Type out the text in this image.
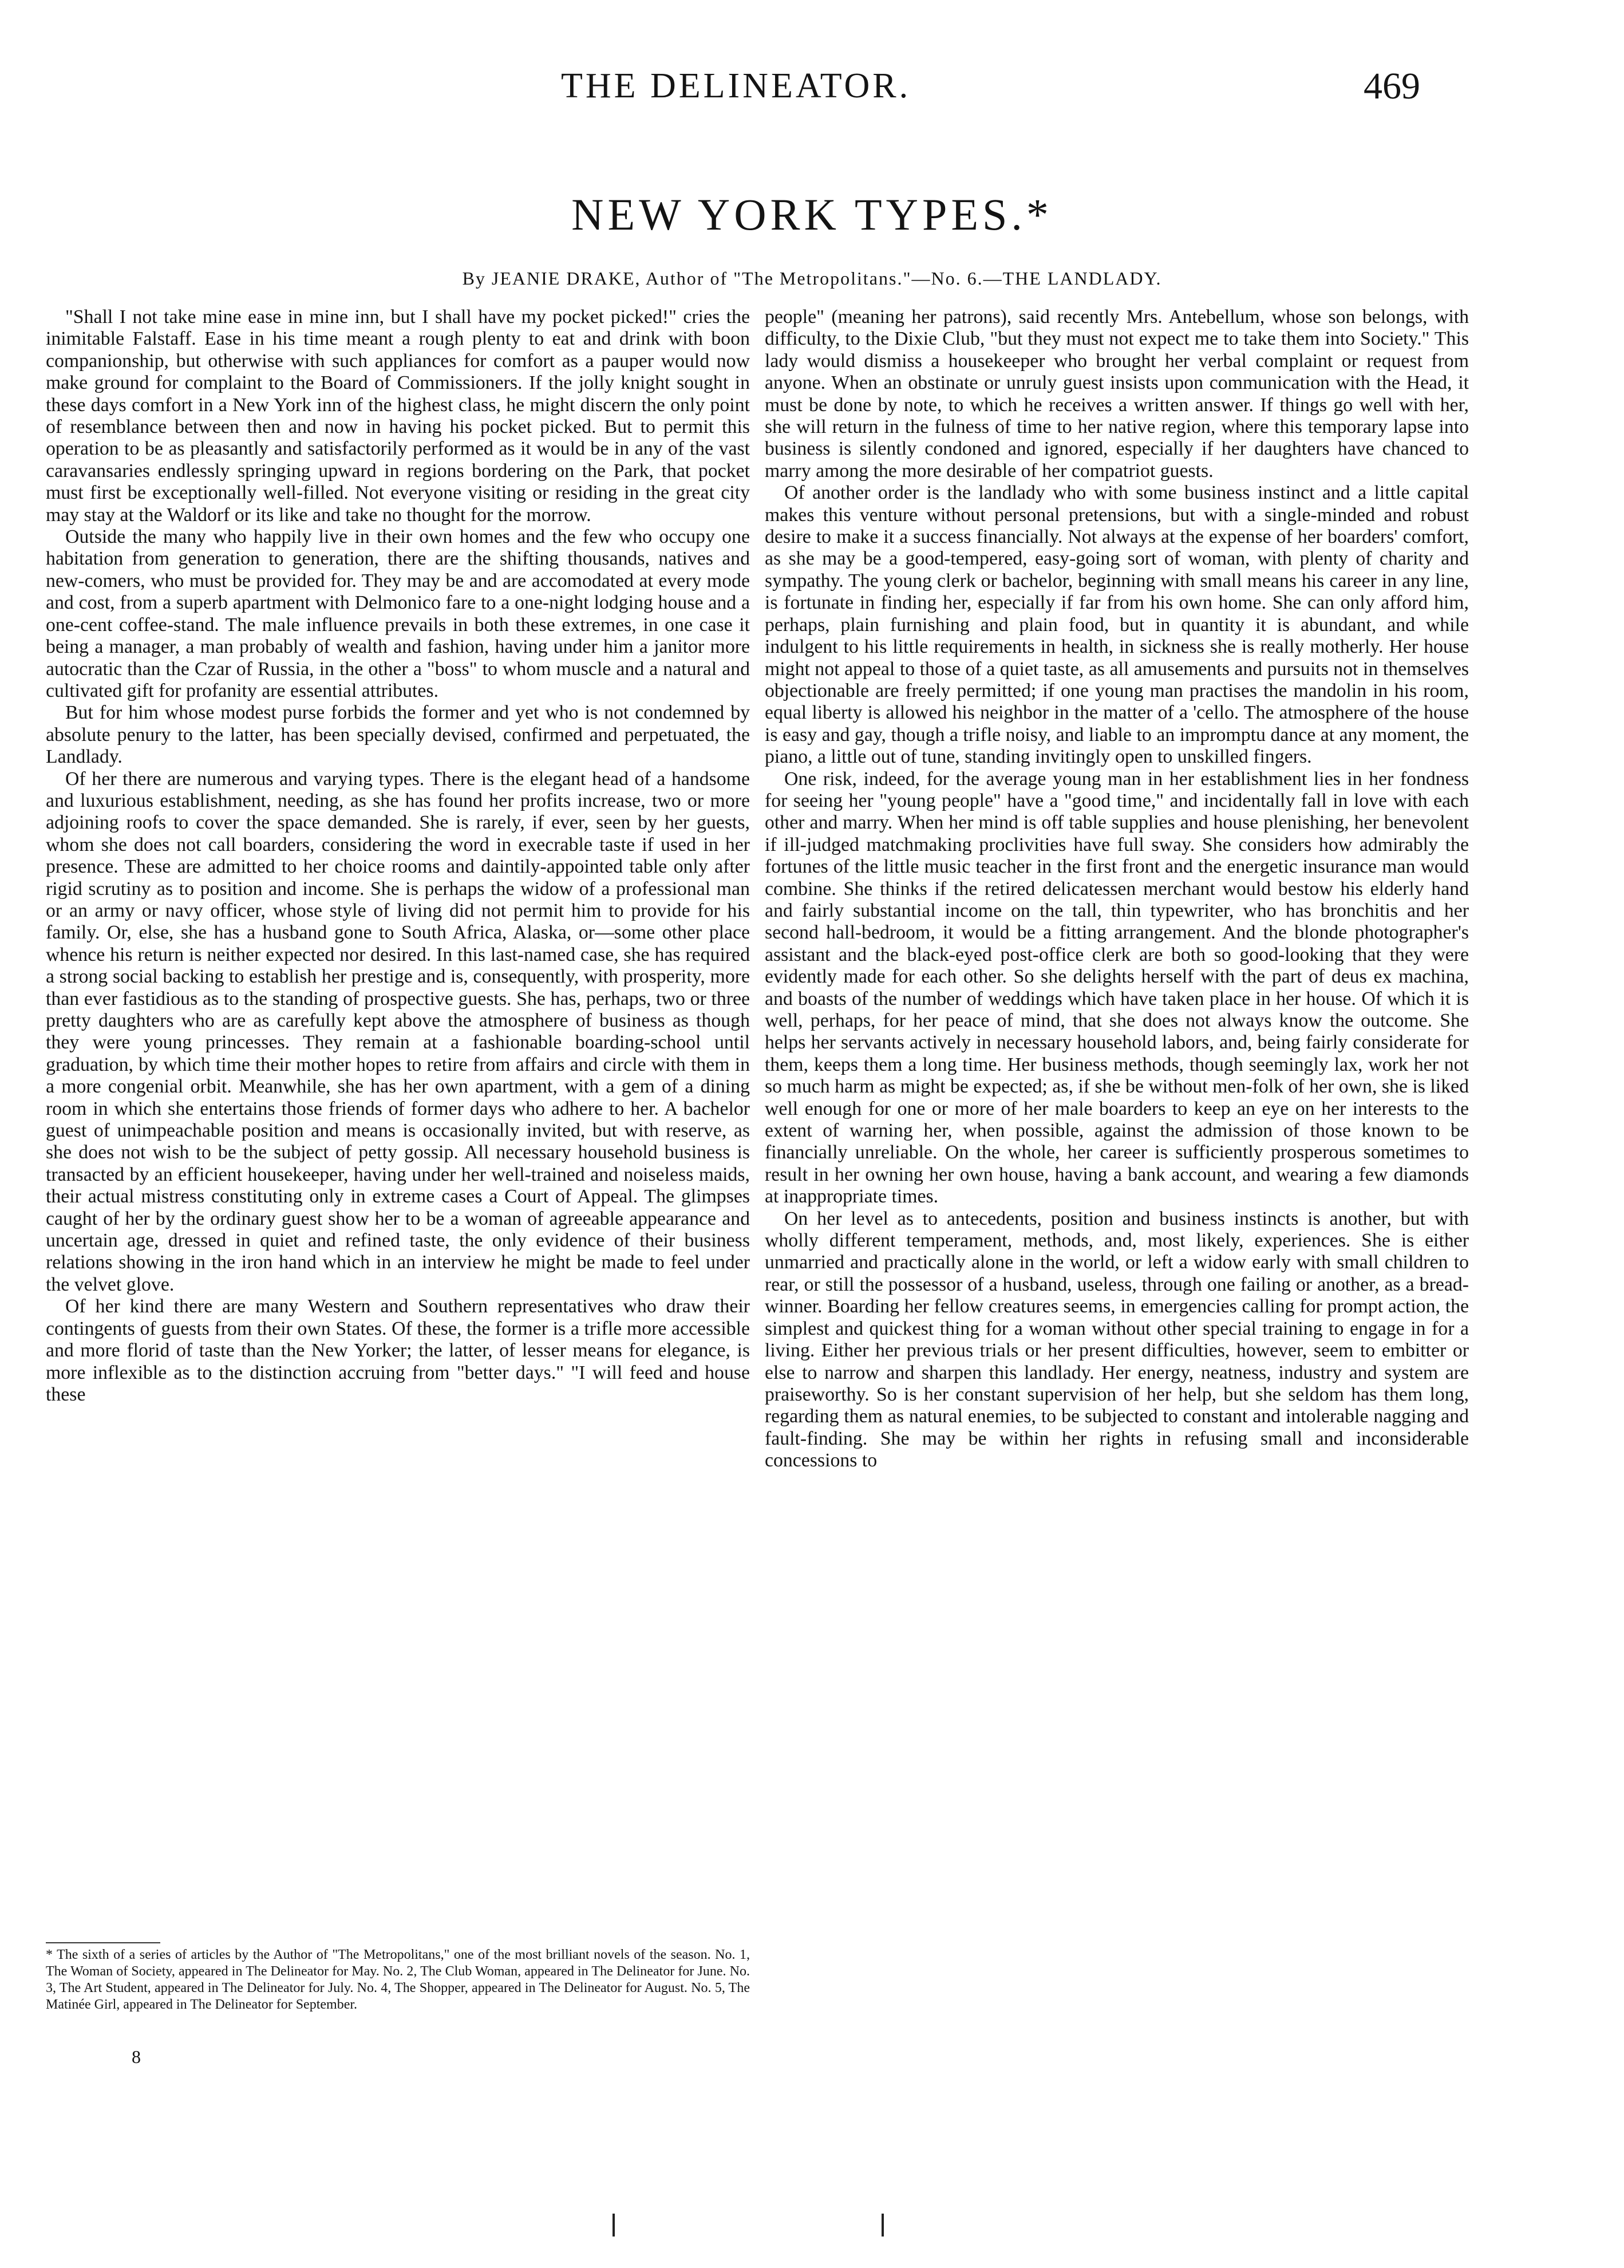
THE DELINEATOR.	469
NEW YORK TYPES.*
By JEANIE DRAKE, Author of "The Metropolitans."—No. 6.—THE LANDLADY.

"Shall I not take mine ease in mine inn, but I shall have my pocket picked!" cries the inimitable Falstaff. Ease in his time meant a rough plenty to eat and drink with boon companionship, but otherwise with such appliances for comfort as a pauper would now make ground for complaint to the Board of Commissioners. If the jolly knight sought in these days comfort in a New York inn of the highest class, he might discern the only point of resemblance between then and now in having his pocket picked. But to permit this operation to be as pleasantly and satisfactorily performed as it would be in any of the vast caravansaries endlessly springing upward in regions bordering on the Park, that pocket must first be exceptionally well-filled. Not everyone visiting or residing in the great city may stay at the Waldorf or its like and take no thought for the morrow.

Outside the many who happily live in their own homes and the few who occupy one habitation from generation to generation, there are the shifting thousands, natives and new-comers, who must be provided for. They may be and are accomodated at every mode and cost, from a superb apartment with Delmonico fare to a one-night lodging house and a one-cent coffee-stand. The male influence prevails in both these extremes, in one case it being a manager, a man probably of wealth and fashion, having under him a janitor more autocratic than the Czar of Russia, in the other a "boss" to whom muscle and a natural and cultivated gift for profanity are essential attributes.

But for him whose modest purse forbids the former and yet who is not condemned by absolute penury to the latter, has been specially devised, confirmed and perpetuated, the Landlady.

Of her there are numerous and varying types. There is the elegant head of a handsome and luxurious establishment, needing, as she has found her profits increase, two or more adjoining roofs to cover the space demanded. She is rarely, if ever, seen by her guests, whom she does not call boarders, considering the word in execrable taste if used in her presence. These are admitted to her choice rooms and daintily-appointed table only after rigid scrutiny as to position and income. She is perhaps the widow of a professional man or an army or navy officer, whose style of living did not permit him to provide for his family. Or, else, she has a husband gone to South Africa, Alaska, or—some other place whence his return is neither expected nor desired. In this last-named case, she has required a strong social backing to establish her prestige and is, consequently, with prosperity, more than ever fastidious as to the standing of prospective guests. She has, perhaps, two or three pretty daughters who are as carefully kept above the atmosphere of business as though they were young princesses. They remain at a fashionable boarding-school until graduation, by which time their mother hopes to retire from affairs and circle with them in a more congenial orbit. Meanwhile, she has her own apartment, with a gem of a dining room in which she entertains those friends of former days who adhere to her. A bachelor guest of unimpeachable position and means is occasionally invited, but with reserve, as she does not wish to be the subject of petty gossip. All necessary household business is transacted by an efficient housekeeper, having under her well-trained and noiseless maids, their actual mistress constituting only in extreme cases a Court of Appeal. The glimpses caught of her by the ordinary guest show her to be a woman of agreeable appearance and uncertain age, dressed in quiet and refined taste, the only evidence of their business relations showing in the iron hand which in an interview he might be made to feel under the velvet glove.

Of her kind there are many Western and Southern representatives who draw their contingents of guests from their own States. Of these, the former is a trifle more accessible and more florid of taste than the New Yorker; the latter, of lesser means for elegance, is more inflexible as to the distinction accruing from "better days." "I will feed and house these

people" (meaning her patrons), said recently Mrs. Antebellum, whose son belongs, with difficulty, to the Dixie Club, "but they must not expect me to take them into Society." This lady would dismiss a housekeeper who brought her verbal complaint or request from anyone. When an obstinate or unruly guest insists upon communication with the Head, it must be done by note, to which he receives a written answer. If things go well with her, she will return in the fulness of time to her native region, where this temporary lapse into business is silently condoned and ignored, especially if her daughters have chanced to marry among the more desirable of her compatriot guests.

Of another order is the landlady who with some business instinct and a little capital makes this venture without personal pretensions, but with a single-minded and robust desire to make it a success financially. Not always at the expense of her boarders' comfort, as she may be a good-tempered, easy-going sort of woman, with plenty of charity and sympathy. The young clerk or bachelor, beginning with small means his career in any line, is fortunate in finding her, especially if far from his own home. She can only afford him, perhaps, plain furnishing and plain food, but in quantity it is abundant, and while indulgent to his little requirements in health, in sickness she is really motherly. Her house might not appeal to those of a quiet taste, as all amusements and pursuits not in themselves objectionable are freely permitted; if one young man practises the mandolin in his room, equal liberty is allowed his neighbor in the matter of a 'cello. The atmosphere of the house is easy and gay, though a trifle noisy, and liable to an impromptu dance at any moment, the piano, a little out of tune, standing invitingly open to unskilled fingers.

One risk, indeed, for the average young man in her establishment lies in her fondness for seeing her "young people" have a "good time," and incidentally fall in love with each other and marry. When her mind is off table supplies and house plenishing, her benevolent if ill-judged matchmaking proclivities have full sway. She considers how admirably the fortunes of the little music teacher in the first front and the energetic insurance man would combine. She thinks if the retired delicatessen merchant would bestow his elderly hand and fairly substantial income on the tall, thin typewriter, who has bronchitis and her second hall-bedroom, it would be a fitting arrangement. And the blonde photographer's assistant and the black-eyed post-office clerk are both so good-looking that they were evidently made for each other. So she delights herself with the part of deus ex machina, and boasts of the number of weddings which have taken place in her house. Of which it is well, perhaps, for her peace of mind, that she does not always know the outcome. She helps her servants actively in necessary household labors, and, being fairly considerate for them, keeps them a long time. Her business methods, though seemingly lax, work her not so much harm as might be expected; as, if she be without men-folk of her own, she is liked well enough for one or more of her male boarders to keep an eye on her interests to the extent of warning her, when possible, against the admission of those known to be financially unreliable. On the whole, her career is sufficiently prosperous sometimes to result in her owning her own house, having a bank account, and wearing a few diamonds at inappropriate times.

On her level as to antecedents, position and business instincts is another, but with wholly different temperament, methods, and, most likely, experiences. She is either unmarried and practically alone in the world, or left a widow early with small children to rear, or still the possessor of a husband, useless, through one failing or another, as a bread-winner. Boarding her fellow creatures seems, in emergencies calling for prompt action, the simplest and quickest thing for a woman without other special training to engage in for a living. Either her previous trials or her present difficulties, however, seem to embitter or else to narrow and sharpen this landlady. Her energy, neatness, industry and system are praiseworthy. So is her constant supervision of her help, but she seldom has them long, regarding them as natural enemies, to be subjected to constant and intolerable nagging and fault-finding. She may be within her rights in refusing small and inconsiderable concessions to

* The sixth of a series of articles by the Author of "The Metropolitans," one of the most brilliant novels of the season. No. 1, The Woman of Society, appeared in The Delineator for May. No. 2, The Club Woman, appeared in The Delineator for June. No. 3, The Art Student, appeared in The Delineator for July. No. 4, The Shopper, appeared in The Delineator for August. No. 5, The Matinée Girl, appeared in The Delineator for September.
8
